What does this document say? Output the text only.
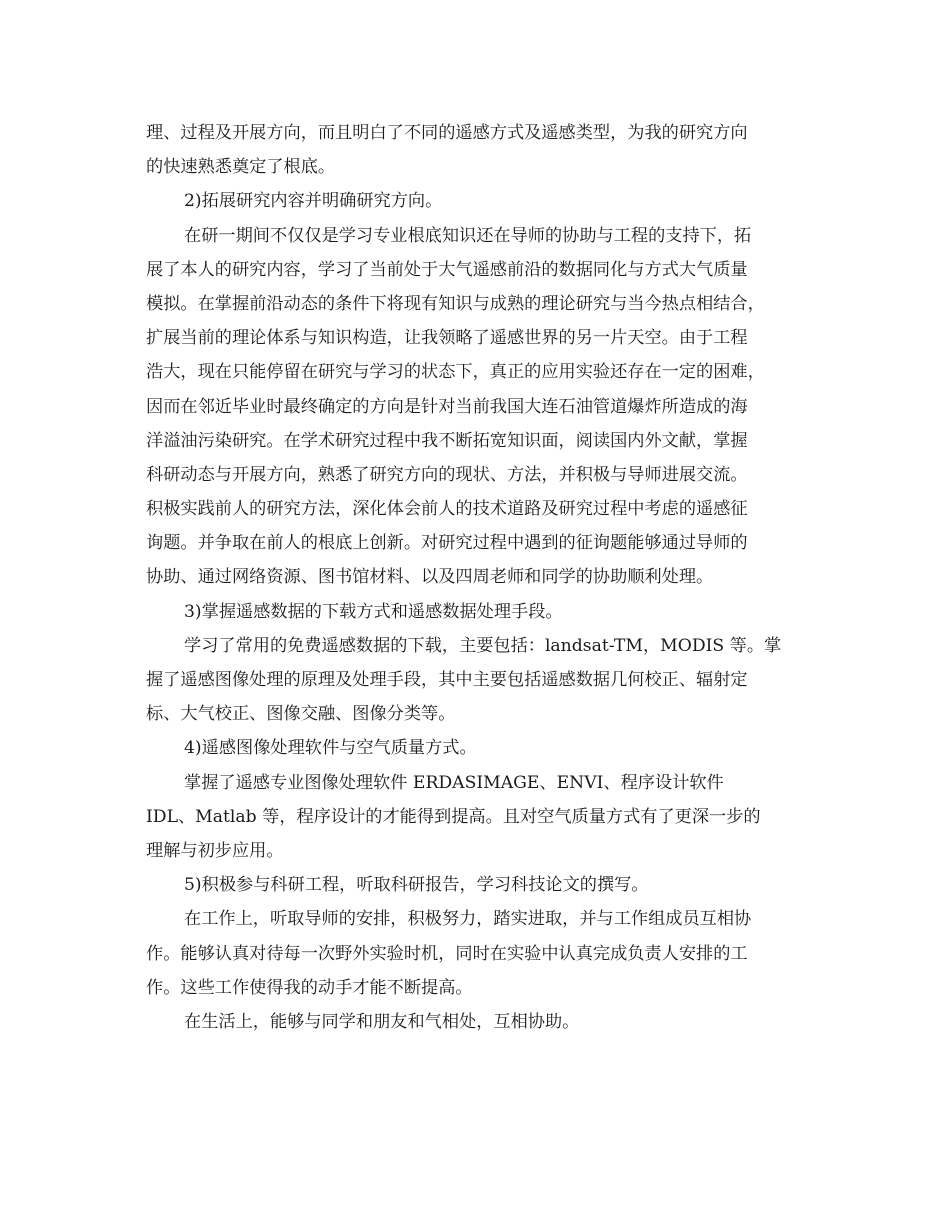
理、过程及开展方向，而且明白了不同的遥感方式及遥感类型，为我的研究方向
的快速熟悉奠定了根底。
2)拓展研究内容并明确研究方向。
在研一期间不仅仅是学习专业根底知识还在导师的协助与工程的支持下，拓
展了本人的研究内容，学习了当前处于大气遥感前沿的数据同化与方式大气质量
模拟。在掌握前沿动态的条件下将现有知识与成熟的理论研究与当今热点相结合，
扩展当前的理论体系与知识构造，让我领略了遥感世界的另一片天空。由于工程
浩大，现在只能停留在研究与学习的状态下，真正的应用实验还存在一定的困难，
因而在邻近毕业时最终确定的方向是针对当前我国大连石油管道爆炸所造成的海
洋溢油污染研究。在学术研究过程中我不断拓宽知识面，阅读国内外文献，掌握
科研动态与开展方向，熟悉了研究方向的现状、方法，并积极与导师进展交流。
积极实践前人的研究方法，深化体会前人的技术道路及研究过程中考虑的遥感征
询题。并争取在前人的根底上创新。对研究过程中遇到的征询题能够通过导师的
协助、通过网络资源、图书馆材料、以及四周老师和同学的协助顺利处理。
3)掌握遥感数据的下载方式和遥感数据处理手段。
学习了常用的免费遥感数据的下载，主要包括：landsat-TM，MODIS 等。掌
握了遥感图像处理的原理及处理手段，其中主要包括遥感数据几何校正、辐射定
标、大气校正、图像交融、图像分类等。
4)遥感图像处理软件与空气质量方式。
掌握了遥感专业图像处理软件 ERDASIMAGE、ENVI、程序设计软件
IDL、Matlab 等，程序设计的才能得到提高。且对空气质量方式有了更深一步的
理解与初步应用。
5)积极参与科研工程，听取科研报告，学习科技论文的撰写。
在工作上，听取导师的安排，积极努力，踏实进取，并与工作组成员互相协
作。能够认真对待每一次野外实验时机，同时在实验中认真完成负责人安排的工
作。这些工作使得我的动手才能不断提高。
在生活上，能够与同学和朋友和气相处，互相协助。
